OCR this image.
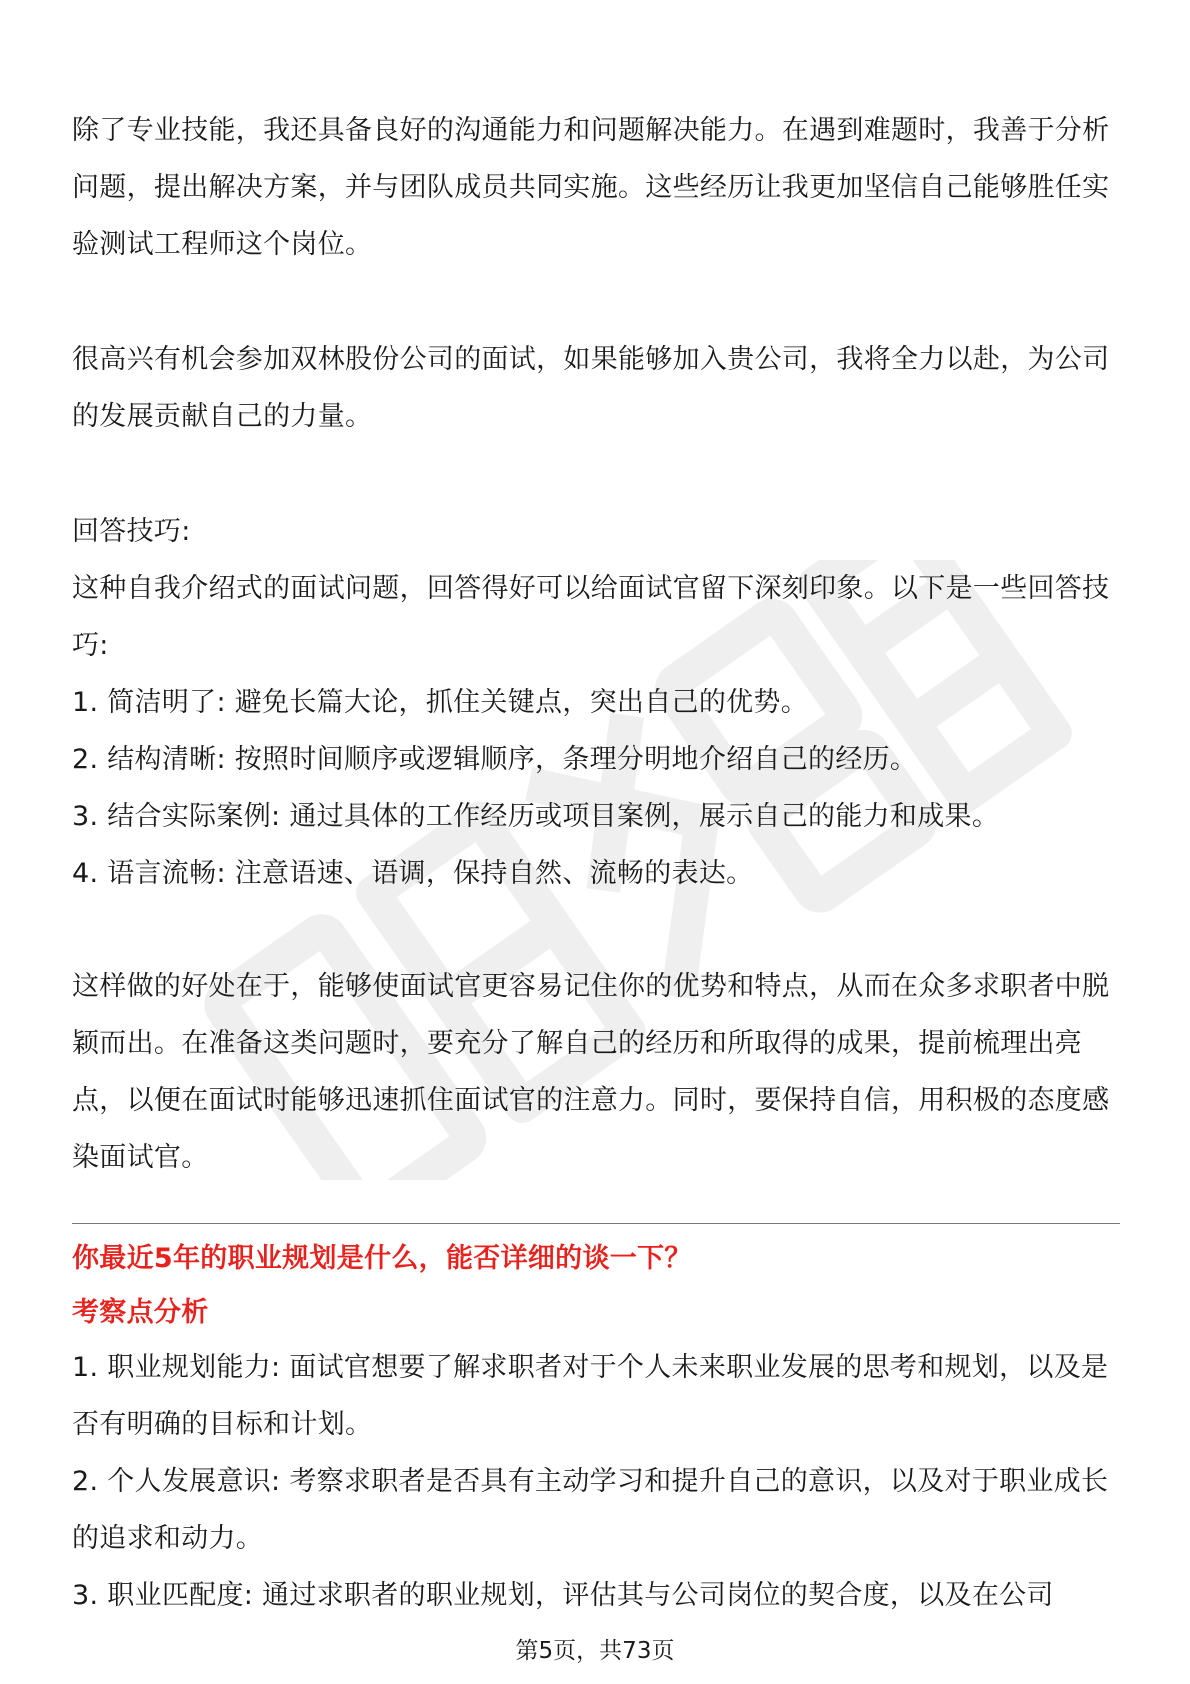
除了专业技能，我还具备良好的沟通能力和问题解决能力。在遇到难题时，我善于分析问题，提出解决方案，并与团队成员共同实施。这些经历让我更加坚信自己能够胜任实验测试工程师这个岗位。

很高兴有机会参加双林股份公司的面试，如果能够加入贵公司，我将全力以赴，为公司的发展贡献自己的力量。

回答技巧:

这种自我介绍式的面试问题，回答得好可以给面试官留下深刻印象。以下是一些回答技巧:

1. 简洁明了: 避免长篇大论，抓住关键点，突出自己的优势。

2. 结构清晰: 按照时间顺序或逻辑顺序，条理分明地介绍自己的经历。

3. 结合实际案例: 通过具体的工作经历或项目案例，展示自己的能力和成果。

4. 语言流畅: 注意语速、语调，保持自然、流畅的表达。

这样做的好处在于，能够使面试官更容易记住你的优势和特点，从而在众多求职者中脱颖而出。在准备这类问题时，要充分了解自己的经历和所取得的成果，提前梳理出亮点，以便在面试时能够迅速抓住面试官的注意力。同时，要保持自信，用积极的态度感染面试官。

你最近5年的职业规划是什么，能否详细的谈一下？

考察点分析

1. 职业规划能力: 面试官想要了解求职者对于个人未来职业发展的思考和规划，以及是否有明确的目标和计划。

2. 个人发展意识: 考察求职者是否具有主动学习和提升自己的意识，以及对于职业成长的追求和动力。

3. 职业匹配度: 通过求职者的职业规划，评估其与公司岗位的契合度，以及在公司

第5页，共73页
